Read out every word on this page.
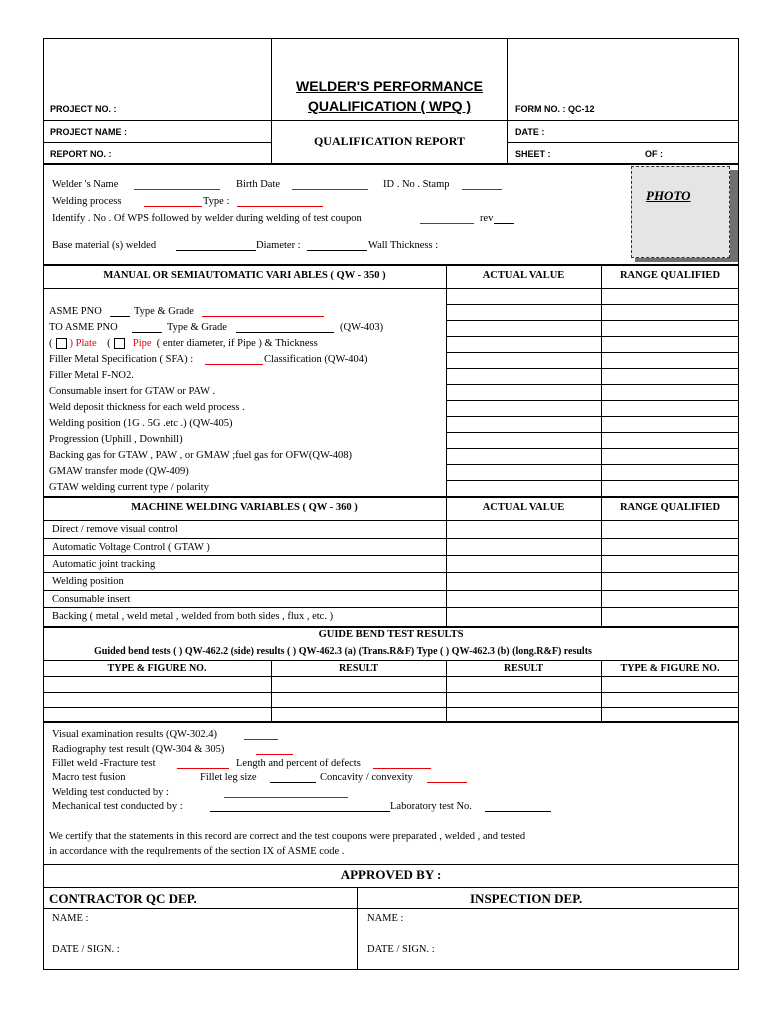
WELDER'S PERFORMANCE
QUALIFICATION ( WPQ )
QUALIFICATION REPORT
PROJECT NO. :
PROJECT NAME :
REPORT NO. :
FORM NO. : QC-12
DATE :
SHEET :	OF :
Welder 's Name	Birth Date	ID . No . Stamp
Welding process	Type :
Identify . No . Of WPS followed by welder during welding of test coupon	rev
Base material (s) welded	Diameter :	Wall Thickness :
PHOTO
MANUAL OR SEMIAUTOMATIC VARI ABLES ( QW - 350 )	ACTUAL VALUE	RANGE QUALIFIED
ASME PNO	Type & Grade
TO ASME PNO	Type & Grade	(QW-403)
( ) Plate    ( Pipe ( enter diameter, if Pipe ) & Thickness
Filler Metal Specification ( SFA) :	Classification (QW-404)
Filler Metal F-NO2.
Consumable insert for GTAW or PAW .
Weld deposit thickness for each weld process .
Welding position (1G . 5G .etc .) (QW-405)
Progression (Uphill , Downhill)
Backing gas for GTAW , PAW , or GMAW ;fuel gas for OFW(QW-408)
GMAW transfer mode (QW-409)
GTAW welding current type / polarity
MACHINE WELDING VARIABLES ( QW - 360 )	ACTUAL VALUE	RANGE QUALIFIED
Direct / remove visual control
Automatic Voltage Control ( GTAW )
Automatic joint tracking
Welding position
Consumable insert
Backing ( metal , weld metal , welded from both sides , flux , etc. )
GUIDE BEND TEST RESULTS
Guided bend tests ( ) QW-462.2 (side) results ( ) QW-462.3 (a) (Trans.R&F) Type ( ) QW-462.3 (b) (long.R&F) results
TYPE & FIGURE NO.	RESULT	RESULT	TYPE & FIGURE NO.
Visual examination results (QW-302.4)
Radiography test result (QW-304 & 305)
Fillet weld -Fracture test	Length and percent of defects
Macro test fusion	Fillet leg size	Concavity / convexity
Welding test conducted by :
Mechanical test conducted by :	Laboratory test No.
We certify that the statements in this record are correct and the test coupons were preparated , welded , and tested
in accordance with the requlrements of the section IX of ASME code .
APPROVED BY :
CONTRACTOR QC DEP.	INSPECTION DEP.
NAME :
DATE / SIGN. :
NAME :
DATE / SIGN. :
